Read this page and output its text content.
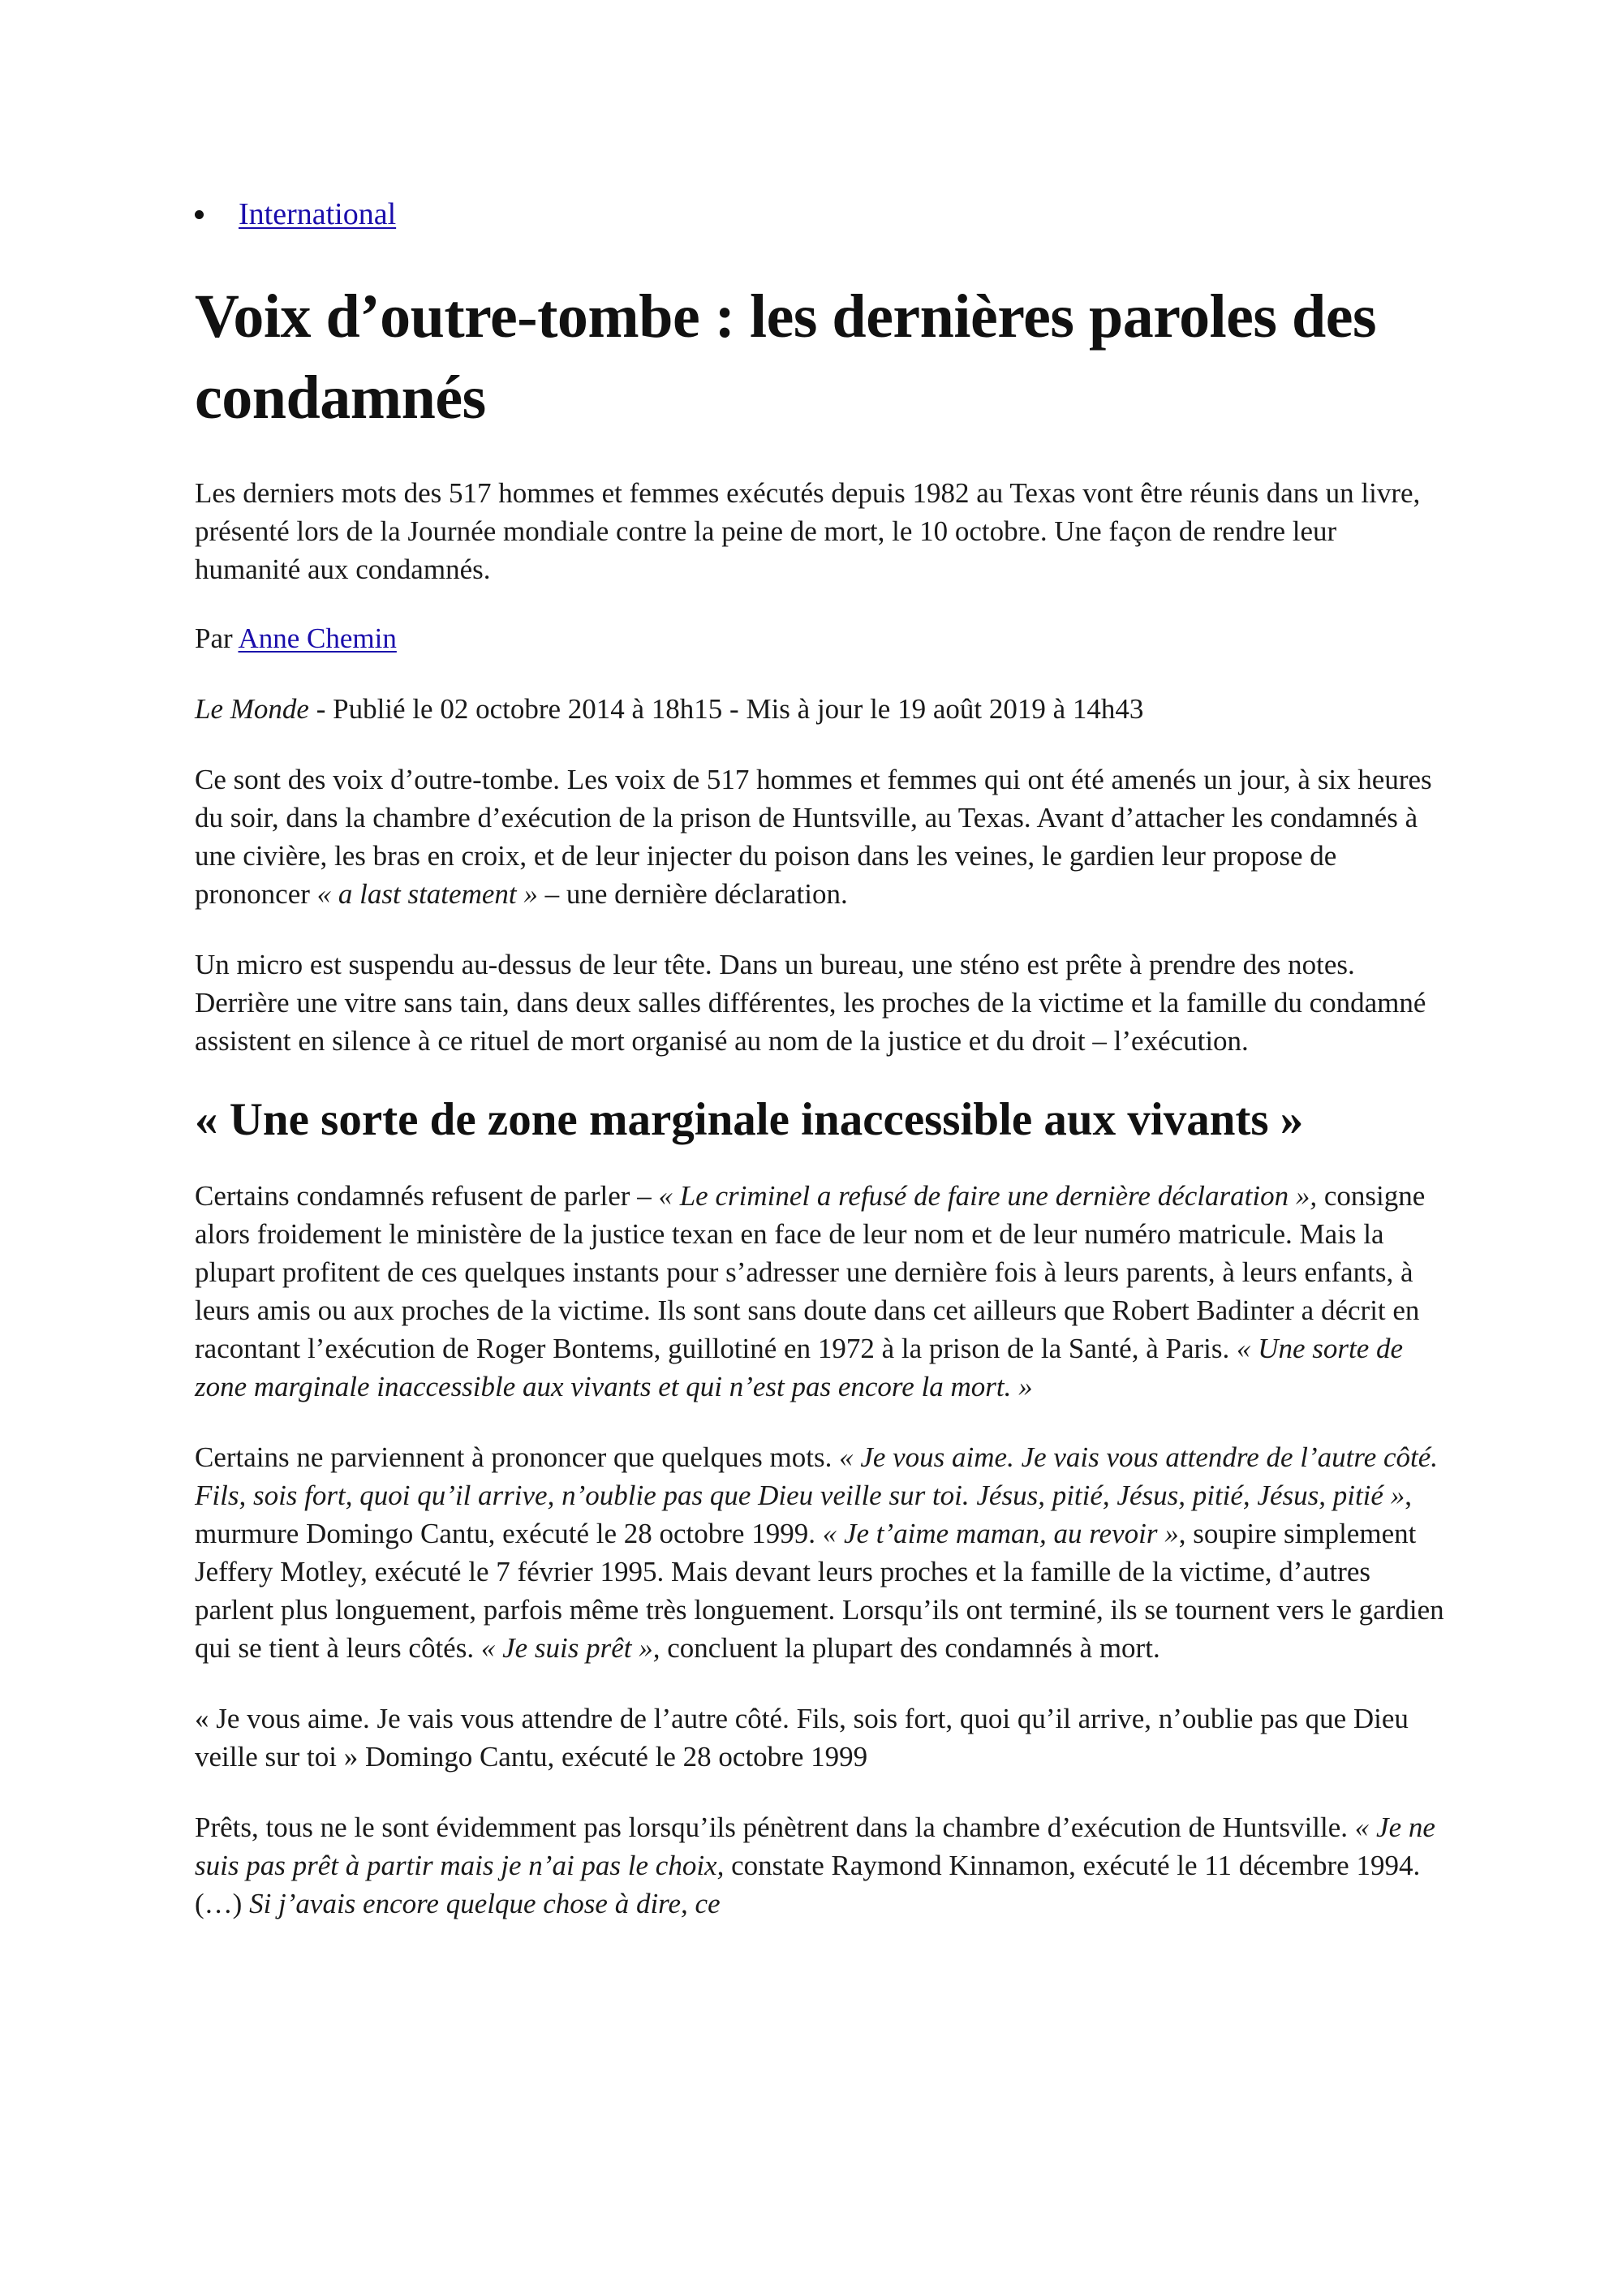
International
Voix d’outre-tombe : les dernières paroles des condamnés

Les derniers mots des 517 hommes et femmes exécutés depuis 1982 au Texas vont être réunis dans un livre, présenté lors de la Journée mondiale contre la peine de mort, le 10 octobre. Une façon de rendre leur humanité aux condamnés.

Par Anne Chemin

Le Monde - Publié le 02 octobre 2014 à 18h15 - Mis à jour le 19 août 2019 à 14h43

Ce sont des voix d’outre-tombe. Les voix de 517 hommes et femmes qui ont été amenés un jour, à six heures du soir, dans la chambre d’exécution de la prison de Huntsville, au Texas. Avant d’attacher les condamnés à une civière, les bras en croix, et de leur injecter du poison dans les veines, le gardien leur propose de prononcer « a last statement » – une dernière déclaration.

Un micro est suspendu au-dessus de leur tête. Dans un bureau, une sténo est prête à prendre des notes. Derrière une vitre sans tain, dans deux salles différentes, les proches de la victime et la famille du condamné assistent en silence à ce rituel de mort organisé au nom de la justice et du droit – l’exécution.

« Une sorte de zone marginale inaccessible aux vivants »

Certains condamnés refusent de parler – « Le criminel a refusé de faire une dernière déclaration », consigne alors froidement le ministère de la justice texan en face de leur nom et de leur numéro matricule. Mais la plupart profitent de ces quelques instants pour s’adresser une dernière fois à leurs parents, à leurs enfants, à leurs amis ou aux proches de la victime. Ils sont sans doute dans cet ailleurs que Robert Badinter a décrit en racontant l’exécution de Roger Bontems, guillotiné en 1972 à la prison de la Santé, à Paris. « Une sorte de zone marginale inaccessible aux vivants et qui n’est pas encore la mort. »

Certains ne parviennent à prononcer que quelques mots. « Je vous aime. Je vais vous attendre de l’autre côté. Fils, sois fort, quoi qu’il arrive, n’oublie pas que Dieu veille sur toi. Jésus, pitié, Jésus, pitié, Jésus, pitié », murmure Domingo Cantu, exécuté le 28 octobre 1999. « Je t’aime maman, au revoir », soupire simplement Jeffery Motley, exécuté le 7 février 1995. Mais devant leurs proches et la famille de la victime, d’autres parlent plus longuement, parfois même très longuement. Lorsqu’ils ont terminé, ils se tournent vers le gardien qui se tient à leurs côtés. « Je suis prêt », concluent la plupart des condamnés à mort.

« Je vous aime. Je vais vous attendre de l’autre côté. Fils, sois fort, quoi qu’il arrive, n’oublie pas que Dieu veille sur toi » Domingo Cantu, exécuté le 28 octobre 1999

Prêts, tous ne le sont évidemment pas lorsqu’ils pénètrent dans la chambre d’exécution de Huntsville. « Je ne suis pas prêt à partir mais je n’ai pas le choix, constate Raymond Kinnamon, exécuté le 11 décembre 1994. (…) Si j’avais encore quelque chose à dire, ce
